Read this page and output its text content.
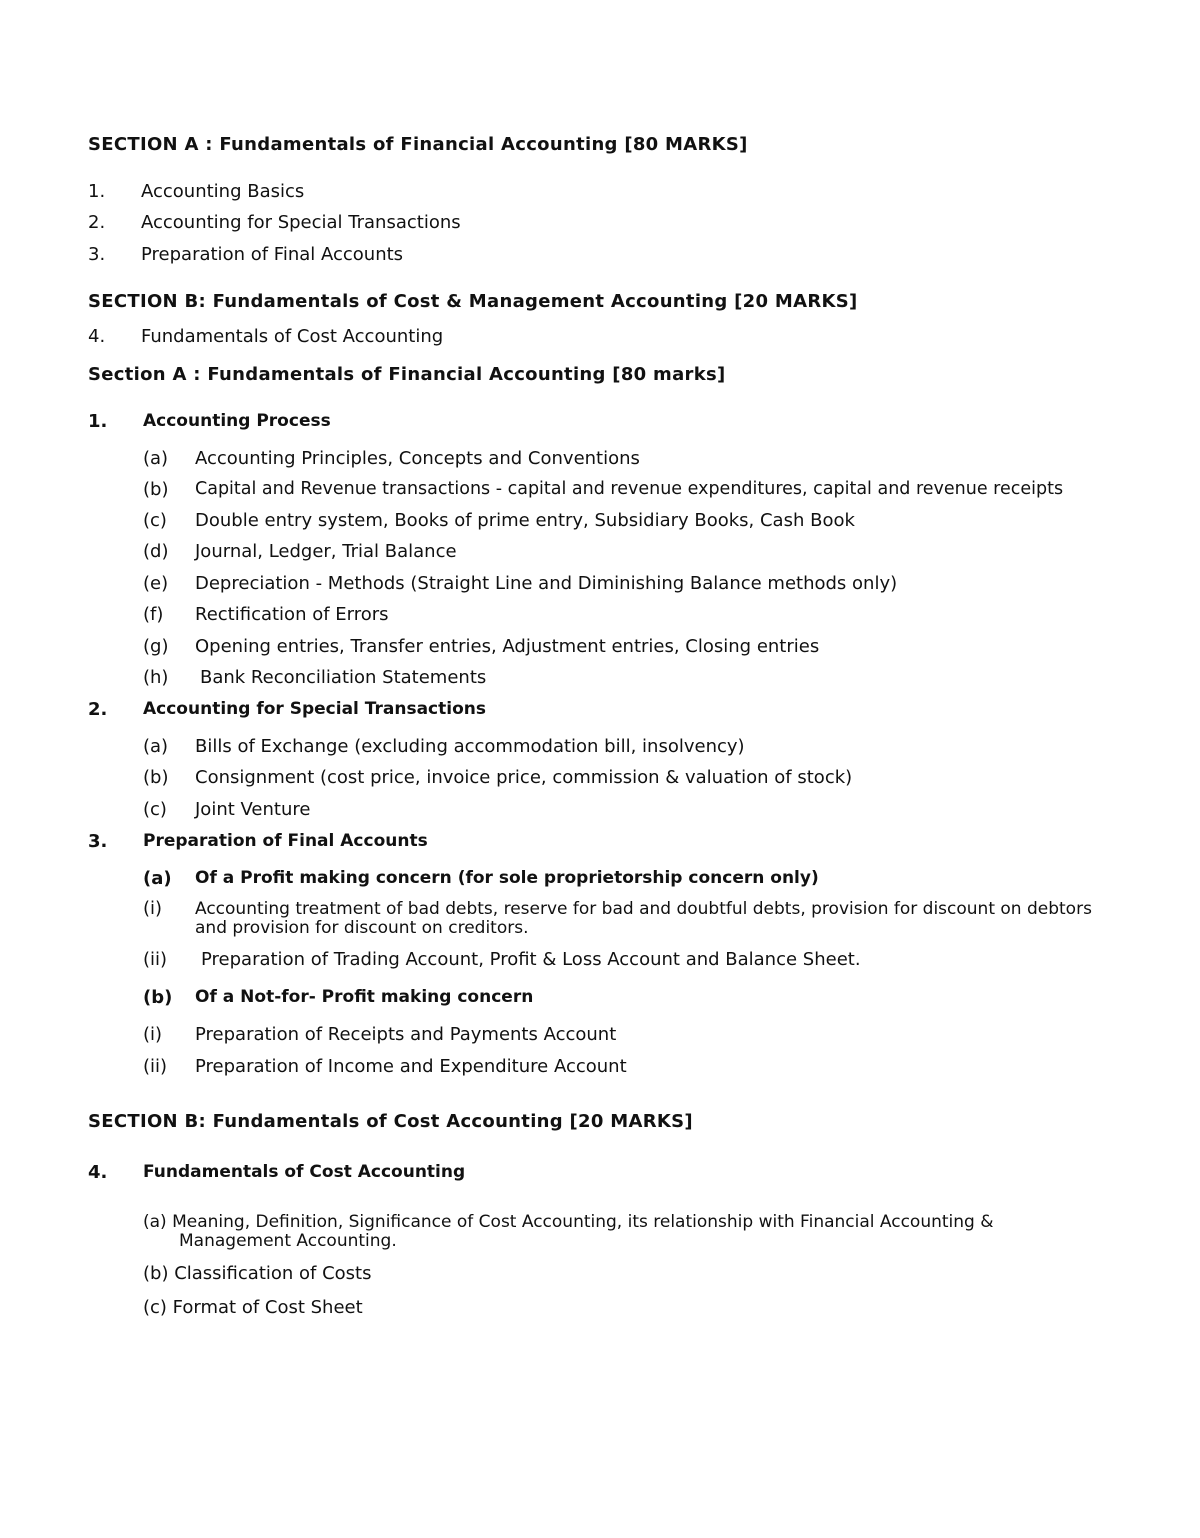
SECTION A : Fundamentals of Financial Accounting [80 MARKS]
1. Accounting Basics
2. Accounting for Special Transactions
3. Preparation of Final Accounts
SECTION B: Fundamentals of Cost & Management Accounting [20 MARKS]
4. Fundamentals of Cost Accounting
Section A : Fundamentals of Financial Accounting [80 marks]
1. Accounting Process
(a) Accounting Principles, Concepts and Conventions
(b) Capital and Revenue transactions - capital and revenue expenditures, capital and revenue receipts
(c) Double entry system, Books of prime entry, Subsidiary Books, Cash Book
(d) Journal, Ledger, Trial Balance
(e) Depreciation - Methods (Straight Line and Diminishing Balance methods only)
(f) Rectification of Errors
(g) Opening entries, Transfer entries, Adjustment entries, Closing entries
(h) Bank Reconciliation Statements
2. Accounting for Special Transactions
(a) Bills of Exchange (excluding accommodation bill, insolvency)
(b) Consignment (cost price, invoice price, commission & valuation of stock)
(c) Joint Venture
3. Preparation of Final Accounts
(a) Of a Profit making concern (for sole proprietorship concern only)
(i) Accounting treatment of bad debts, reserve for bad and doubtful debts, provision for discount on debtors and provision for discount on creditors.
(ii) Preparation of Trading Account, Profit & Loss Account and Balance Sheet.
(b) Of a Not-for- Profit making concern
(i) Preparation of Receipts and Payments Account
(ii) Preparation of Income and Expenditure Account
SECTION B: Fundamentals of Cost Accounting [20 MARKS]
4. Fundamentals of Cost Accounting
(a) Meaning, Definition, Significance of Cost Accounting, its relationship with Financial Accounting & Management Accounting.
(b) Classification of Costs
(c) Format of Cost Sheet
